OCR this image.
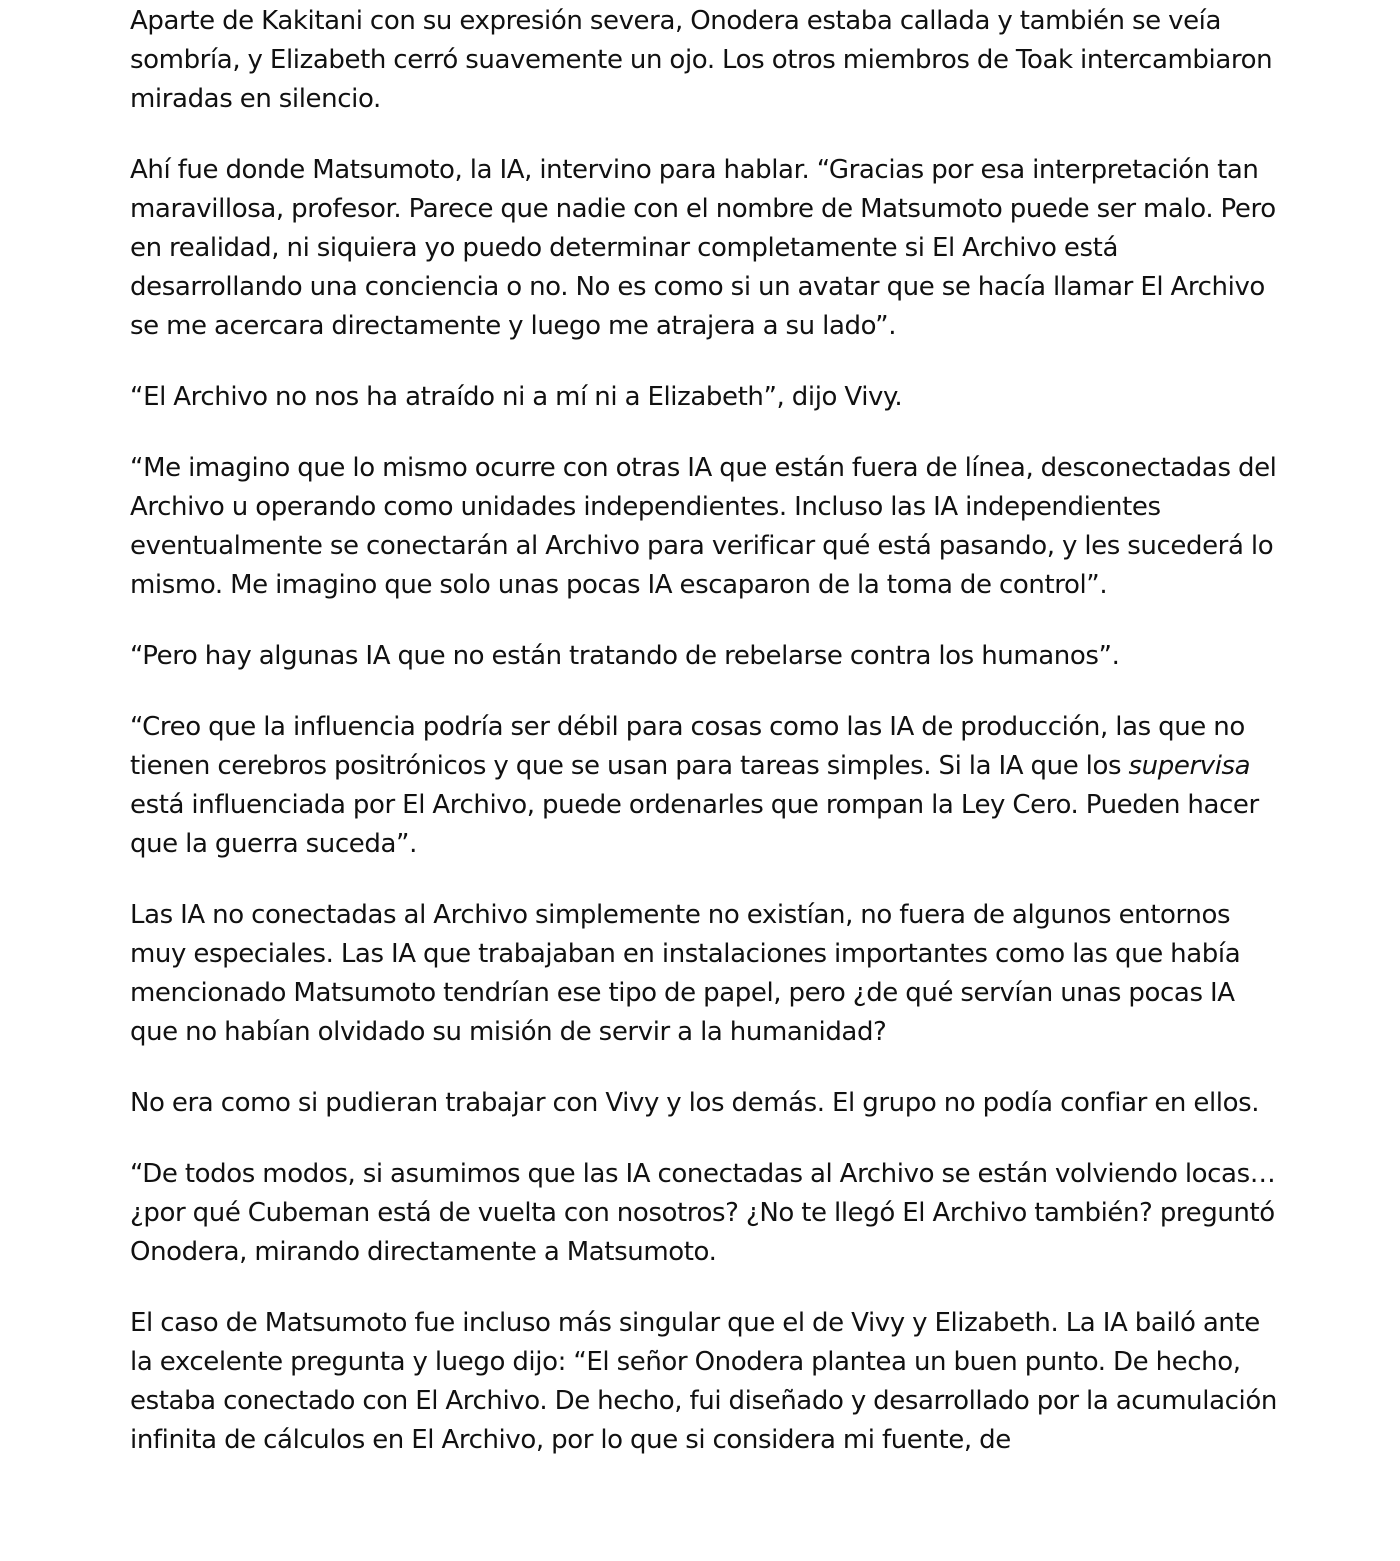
Aparte de Kakitani con su expresión severa, Onodera estaba callada y también se veía sombría, y Elizabeth cerró suavemente un ojo. Los otros miembros de Toak intercambiaron miradas en silencio.

Ahí fue donde Matsumoto, la IA, intervino para hablar. “Gracias por esa interpretación tan maravillosa, profesor. Parece que nadie con el nombre de Matsumoto puede ser malo. Pero en realidad, ni siquiera yo puedo determinar completamente si El Archivo está desarrollando una conciencia o no. No es como si un avatar que se hacía llamar El Archivo se me acercara directamente y luego me atrajera a su lado”.

“El Archivo no nos ha atraído ni a mí ni a Elizabeth”, dijo Vivy.

“Me imagino que lo mismo ocurre con otras IA que están fuera de línea, desconectadas del Archivo u operando como unidades independientes. Incluso las IA independientes eventualmente se conectarán al Archivo para verificar qué está pasando, y les sucederá lo mismo. Me imagino que solo unas pocas IA escaparon de la toma de control”.

“Pero hay algunas IA que no están tratando de rebelarse contra los humanos”.

“Creo que la influencia podría ser débil para cosas como las IA de producción, las que no tienen cerebros positrónicos y que se usan para tareas simples. Si la IA que los supervisa está influenciada por El Archivo, puede ordenarles que rompan la Ley Cero. Pueden hacer que la guerra suceda”.

Las IA no conectadas al Archivo simplemente no existían, no fuera de algunos entornos muy especiales. Las IA que trabajaban en instalaciones importantes como las que había mencionado Matsumoto tendrían ese tipo de papel, pero ¿de qué servían unas pocas IA que no habían olvidado su misión de servir a la humanidad?

No era como si pudieran trabajar con Vivy y los demás. El grupo no podía confiar en ellos.

“De todos modos, si asumimos que las IA conectadas al Archivo se están volviendo locas… ¿por qué Cubeman está de vuelta con nosotros? ¿No te llegó El Archivo también? preguntó Onodera, mirando directamente a Matsumoto.

El caso de Matsumoto fue incluso más singular que el de Vivy y Elizabeth. La IA bailó ante la excelente pregunta y luego dijo: “El señor Onodera plantea un buen punto. De hecho, estaba conectado con El Archivo. De hecho, fui diseñado y desarrollado por la acumulación infinita de cálculos en El Archivo, por lo que si considera mi fuente, de
